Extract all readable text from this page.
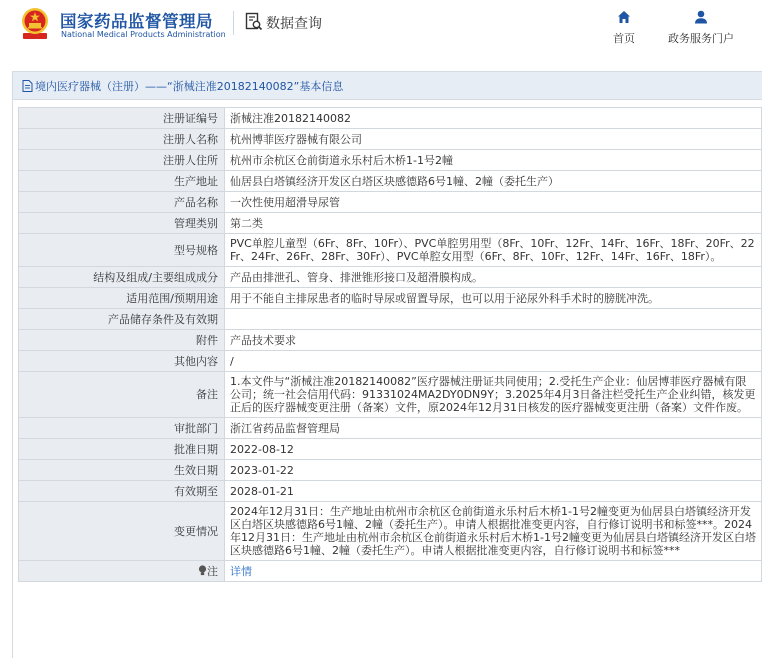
国家药品监督管理局
National Medical Products Administration
数据查询
首页	政务服务门户
境内医疗器械（注册）——“浙械注准20182140082”基本信息
注册证编号	浙械注准20182140082
注册人名称	杭州博菲医疗器械有限公司
注册人住所	杭州市余杭区仓前街道永乐村后木桥1-1号2幢
生产地址	仙居县白塔镇经济开发区白塔区块感德路6号1幢、2幢（委托生产）
产品名称	一次性使用超滑导尿管
管理类别	第二类
型号规格	PVC单腔儿童型（6Fr、8Fr、10Fr）、PVC单腔男用型（8Fr、10Fr、12Fr、14Fr、16Fr、18Fr、20Fr、22Fr、24Fr、26Fr、28Fr、30Fr）、PVC单腔女用型（6Fr、8Fr、10Fr、12Fr、14Fr、16Fr、18Fr）。
结构及组成/主要组成成分	产品由排泄孔、管身、排泄锥形接口及超滑膜构成。
适用范围/预期用途	用于不能自主排尿患者的临时导尿或留置导尿，也可以用于泌尿外科手术时的膀胱冲洗。
产品储存条件及有效期	
附件	产品技术要求
其他内容	/
备注	1.本文件与“浙械注准20182140082”医疗器械注册证共同使用；2.受托生产企业：仙居博菲医疗器械有限公司；统一社会信用代码：91331024MA2DY0DN9Y；3.2025年4月3日备注栏受托生产企业纠错，核发更正后的医疗器械变更注册（备案）文件，原2024年12月31日核发的医疗器械变更注册（备案）文件作废。
审批部门	浙江省药品监督管理局
批准日期	2022-08-12
生效日期	2023-01-22
有效期至	2028-01-21
变更情况	2024年12月31日：生产地址由杭州市余杭区仓前街道永乐村后木桥1-1号2幢变更为仙居县白塔镇经济开发区白塔区块感德路6号1幢、2幢（委托生产）。申请人根据批准变更内容，自行修订说明书和标签***。2024年12月31日：生产地址由杭州市余杭区仓前街道永乐村后木桥1-1号2幢变更为仙居县白塔镇经济开发区白塔区块感德路6号1幢、2幢（委托生产）。申请人根据批准变更内容，自行修订说明书和标签***
注	详情
